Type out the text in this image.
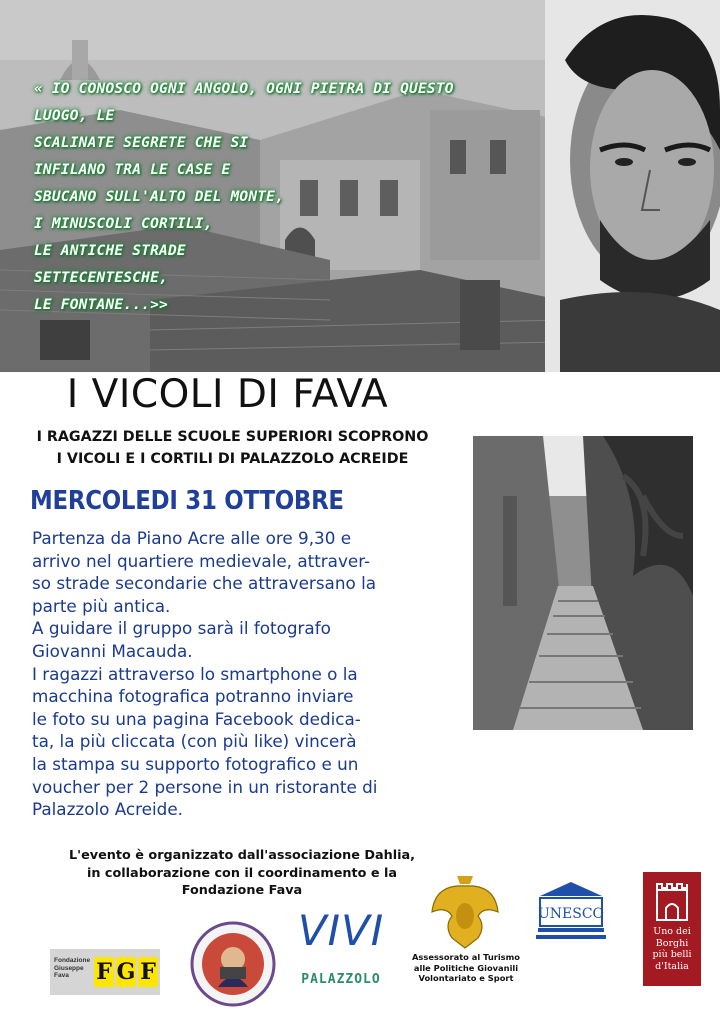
« IO CONOSCO OGNI ANGOLO, OGNI PIETRA DI QUESTO
LUOGO, LE
SCALINATE SEGRETE CHE SI
INFILANO TRA LE CASE E
SBUCANO SULL'ALTO DEL MONTE,
I MINUSCOLI CORTILI,
LE ANTICHE STRADE
SETTECENTESCHE,
LE FONTANE...>>
I VICOLI DI FAVA
I RAGAZZI DELLE SCUOLE SUPERIORI SCOPRONO
I VICOLI E I CORTILI DI PALAZZOLO ACREIDE
MERCOLEDI 31 OTTOBRE
Partenza da Piano Acre alle ore 9,30 e
arrivo nel quartiere medievale, attraver-
so strade secondarie che attraversano la
parte più antica.
A guidare il gruppo sarà il fotografo
Giovanni Macauda.
I ragazzi attraverso lo smartphone o la
macchina fotografica potranno inviare
le foto su una pagina Facebook dedica-
ta, la più cliccata (con più like) vincerà
la stampa su supporto fotografico e un
voucher per 2 persone in un ristorante di
Palazzolo Acreide.
L'evento è organizzato dall'associazione Dahlia,
in collaborazione con il coordinamento e la
Fondazione Fava
Fondazione
Giuseppe
Fava	F G F
VIVI
PALAZZOLO
Assessorato al Turismo
alle Politiche Giovanili
Volontariato e Sport
UNESCO
Uno dei
Borghi
più belli
d'Italia
